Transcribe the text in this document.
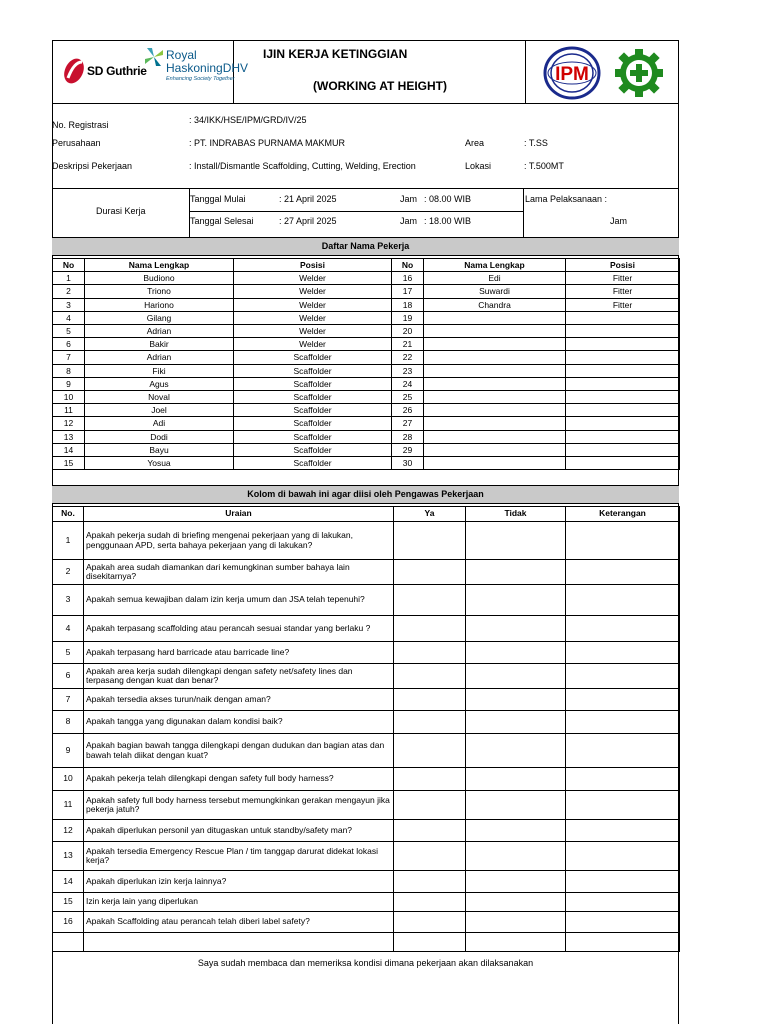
SD Guthrie
Royal
HaskoningDHV
Enhancing Society Together
IJIN KERJA KETINGGIAN
(WORKING AT HEIGHT)
IPM
No. Registrasi	: 34/IKK/HSE/IPM/GRD/IV/25
Perusahaan	: PT. INDRABAS PURNAMA MAKMUR	Area	: T.SS
Deskripsi Pekerjaan	: Install/Dismantle Scaffolding, Cutting, Welding, Erection	Lokasi	: T.500MT
Durasi Kerja
Tanggal Mulai	: 21 April 2025	Jam : 08.00 WIB
Tanggal Selesai	: 27 April 2025	Jam : 18.00 WIB
Lama Pelaksanaan :
Jam
Daftar Nama Pekerja
No	Nama Lengkap	Posisi	No	Nama Lengkap	Posisi
1	Budiono	Welder	16	Edi	Fitter
2	Triono	Welder	17	Suwardi	Fitter
3	Hariono	Welder	18	Chandra	Fitter
4	Gilang	Welder	19		
5	Adrian	Welder	20		
6	Bakir	Welder	21		
7	Adrian	Scaffolder	22		
8	Fiki	Scaffolder	23		
9	Agus	Scaffolder	24		
10	Noval	Scaffolder	25		
11	Joel	Scaffolder	26		
12	Adi	Scaffolder	27		
13	Dodi	Scaffolder	28		
14	Bayu	Scaffolder	29		
15	Yosua	Scaffolder	30		
Kolom di bawah ini agar diisi oleh Pengawas Pekerjaan
No.	Uraian	Ya	Tidak	Keterangan
1	Apakah pekerja sudah di briefing mengenai pekerjaan yang di lakukan, penggunaan APD, serta bahaya pekerjaan yang di lakukan?			
2	Apakah area sudah diamankan dari kemungkinan sumber bahaya lain disekitarnya?			
3	Apakah semua kewajiban dalam izin kerja umum dan JSA telah tepenuhi?			
4	Apakah terpasang scaffolding atau perancah sesuai standar yang berlaku ?			
5	Apakah terpasang hard barricade atau barricade line?			
6	Apakah area kerja sudah dilengkapi dengan safety net/safety lines dan terpasang dengan kuat dan benar?			
7	Apakah tersedia akses turun/naik dengan aman?			
8	Apakah tangga yang digunakan dalam kondisi baik?			
9	Apakah bagian bawah tangga dilengkapi dengan dudukan dan bagian atas dan bawah telah diikat dengan kuat?			
10	Apakah pekerja telah dilengkapi dengan safety full body harness?			
11	Apakah safety full body harness tersebut memungkinkan gerakan mengayun jika pekerja jatuh?			
12	Apakah diperlukan personil yan ditugaskan untuk standby/safety man?			
13	Apakah tersedia Emergency Rescue Plan / tim tanggap darurat didekat lokasi kerja?			
14	Apakah diperlukan izin kerja lainnya?			
15	Izin kerja lain yang diperlukan			
16	Apakah Scaffolding atau perancah telah diberi label safety?			

Saya sudah membaca dan memeriksa kondisi dimana pekerjaan akan dilaksanakan
